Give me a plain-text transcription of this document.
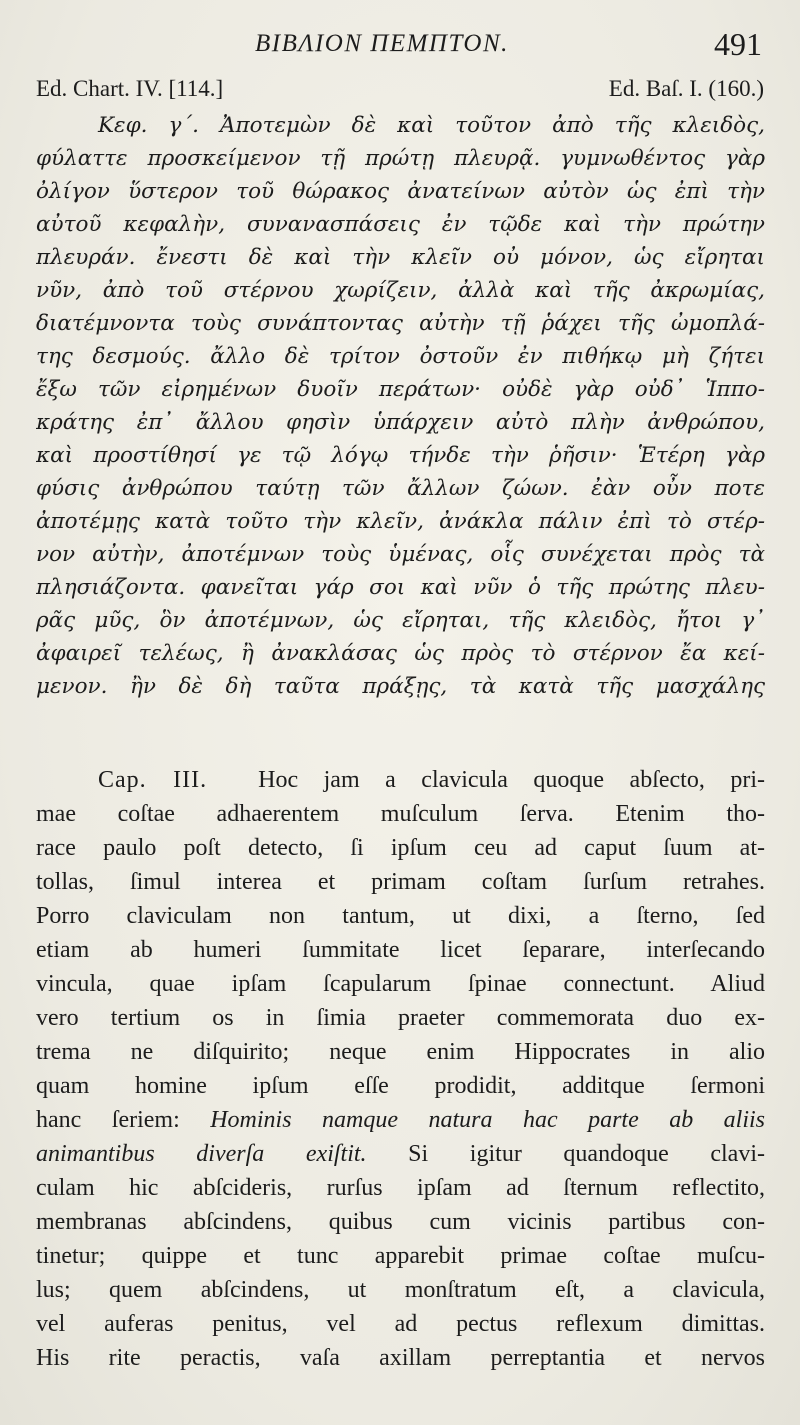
ΒΙΒΛΙΟΝ ΠΕΜΠΤΟΝ.	491
Ed. Chart. IV. [114.]	Ed. Baſ. I. (160.)
Κεφ. γ΄. Ἀποτεμὼν δὲ καὶ τοῦτον ἀπὸ τῆς κλειδὸς,
φύλαττε προσκείμενον τῇ πρώτῃ πλευρᾷ. γυμνωθέντος γὰρ
ὀλίγον ὕστερον τοῦ θώρακος ἀνατείνων αὐτὸν ὡς ἐπὶ τὴν
αὐτοῦ κεφαλὴν, συνανασπάσεις ἐν τῷδε καὶ τὴν πρώτην
πλευράν. ἔνεστι δὲ καὶ τὴν κλεῖν οὐ μόνον, ὡς εἴρηται
νῦν, ἀπὸ τοῦ στέρνου χωρίζειν, ἀλλὰ καὶ τῆς ἀκρωμίας,
διατέμνοντα τοὺς συνάπτοντας αὐτὴν τῇ ῥάχει τῆς ὠμοπλά-
της δεσμούς. ἄλλο δὲ τρίτον ὀστοῦν ἐν πιθήκῳ μὴ ζήτει
ἔξω τῶν εἰρημένων δυοῖν περάτων· οὐδὲ γὰρ οὐδ᾽ Ἱππο-
κράτης ἐπ᾽ ἄλλου φησὶν ὑπάρχειν αὐτὸ πλὴν ἀνθρώπου,
καὶ προστίθησί γε τῷ λόγῳ τήνδε τὴν ῥῆσιν· Ἑτέρη γὰρ
φύσις ἀνθρώπου ταύτῃ τῶν ἄλλων ζώων. ἐὰν οὖν ποτε
ἀποτέμῃς κατὰ τοῦτο τὴν κλεῖν, ἀνάκλα πάλιν ἐπὶ τὸ στέρ-
νον αὐτὴν, ἀποτέμνων τοὺς ὑμένας, οἷς συνέχεται πρὸς τὰ
πλησιάζοντα. φανεῖται γάρ σοι καὶ νῦν ὁ τῆς πρώτης πλευ-
ρᾶς μῦς, ὃν ἀποτέμνων, ὡς εἴρηται, τῆς κλειδὸς, ἤτοι γ᾽
ἀφαιρεῖ τελέως, ἢ ἀνακλάσας ὡς πρὸς τὸ στέρνον ἔα κεί-
μενον. ἢν δὲ δὴ ταῦτα πράξῃς, τὰ κατὰ τῆς μασχάλης
Cap. III. Hoc jam a clavicula quoque abſecto, pri-
mae coſtae adhaerentem muſculum ſerva. Etenim tho-
race paulo poſt detecto, ſi ipſum ceu ad caput ſuum at-
tollas, ſimul interea et primam coſtam ſurſum retrahes.
Porro claviculam non tantum, ut dixi, a ſterno, ſed
etiam ab humeri ſummitate licet ſeparare, interſecando
vincula, quae ipſam ſcapularum ſpinae connectunt. Aliud
vero tertium os in ſimia praeter commemorata duo ex-
trema ne diſquirito; neque enim Hippocrates in alio
quam homine ipſum eſſe prodidit, additque ſermoni
hanc ſeriem: Hominis namque natura hac parte ab aliis
animantibus diverſa exiſtit. Si igitur quandoque clavi-
culam hic abſcideris, rurſus ipſam ad ſternum reflectito,
membranas abſcindens, quibus cum vicinis partibus con-
tinetur; quippe et tunc apparebit primae coſtae muſcu-
lus; quem abſcindens, ut monſtratum eſt, a clavicula,
vel auferas penitus, vel ad pectus reflexum dimittas.
His rite peractis, vaſa axillam perreptantia et nervos
